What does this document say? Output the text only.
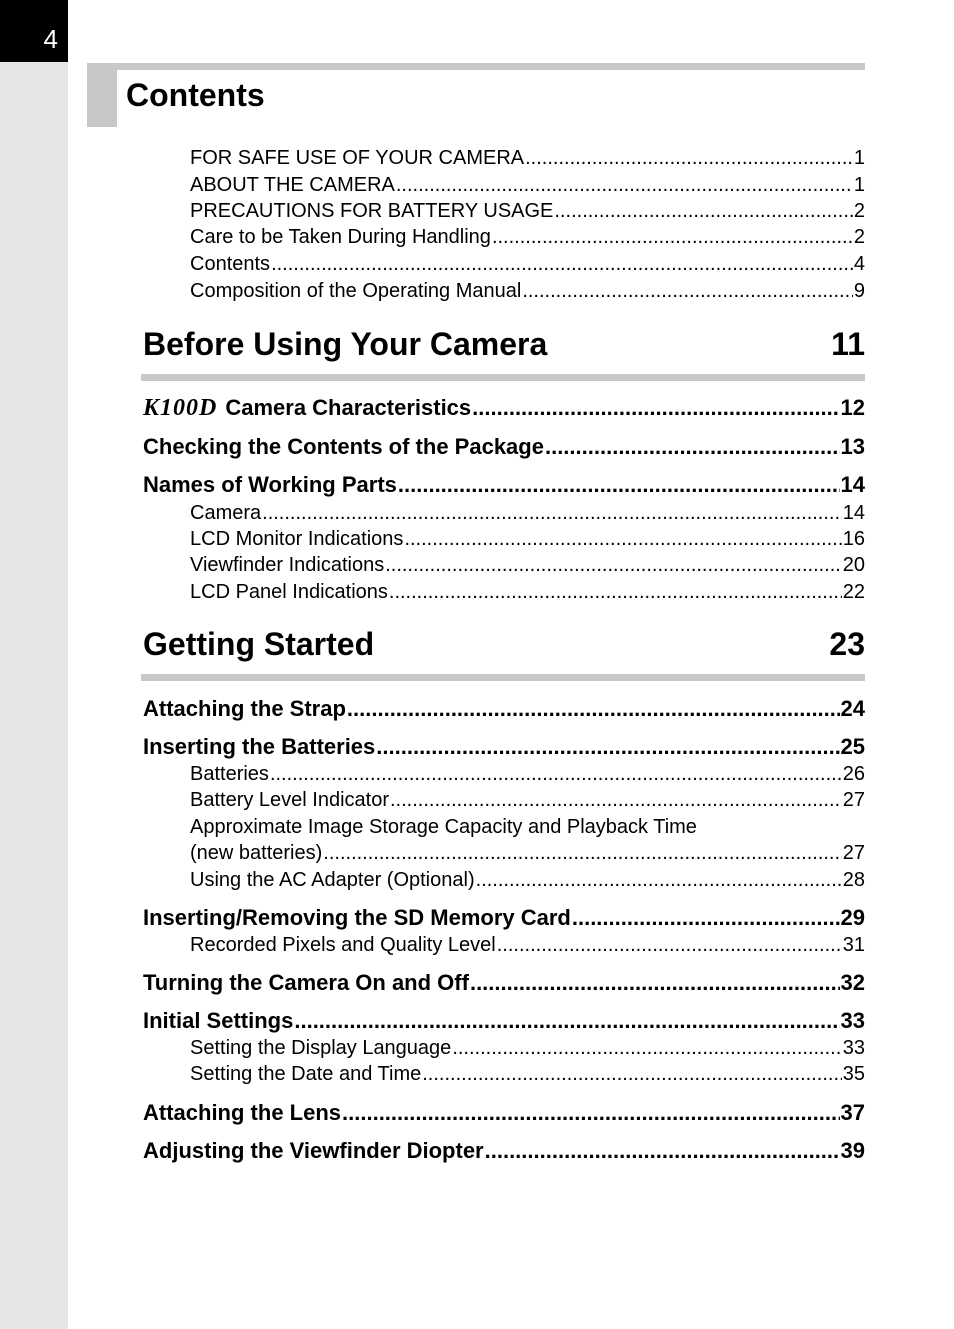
4
Contents
FOR SAFE USE OF YOUR CAMERA .....	1
ABOUT THE CAMERA .....	1
PRECAUTIONS FOR BATTERY USAGE .....	2
Care to be Taken During Handling .....	2
Contents .....	4
Composition of the Operating Manual .....	9
Before Using Your Camera	11
K100D Camera Characteristics .....	12
Checking the Contents of the Package .....	13
Names of Working Parts .....	14
Camera .....	14
LCD Monitor Indications .....	16
Viewfinder Indications .....	20
LCD Panel Indications .....	22
Getting Started	23
Attaching the Strap .....	24
Inserting the Batteries .....	25
Batteries .....	26
Battery Level Indicator .....	27
Approximate Image Storage Capacity and Playback Time
(new batteries) .....	27
Using the AC Adapter (Optional) .....	28
Inserting/Removing the SD Memory Card .....	29
Recorded Pixels and Quality Level .....	31
Turning the Camera On and Off .....	32
Initial Settings .....	33
Setting the Display Language .....	33
Setting the Date and Time .....	35
Attaching the Lens .....	37
Adjusting the Viewfinder Diopter .....	39
